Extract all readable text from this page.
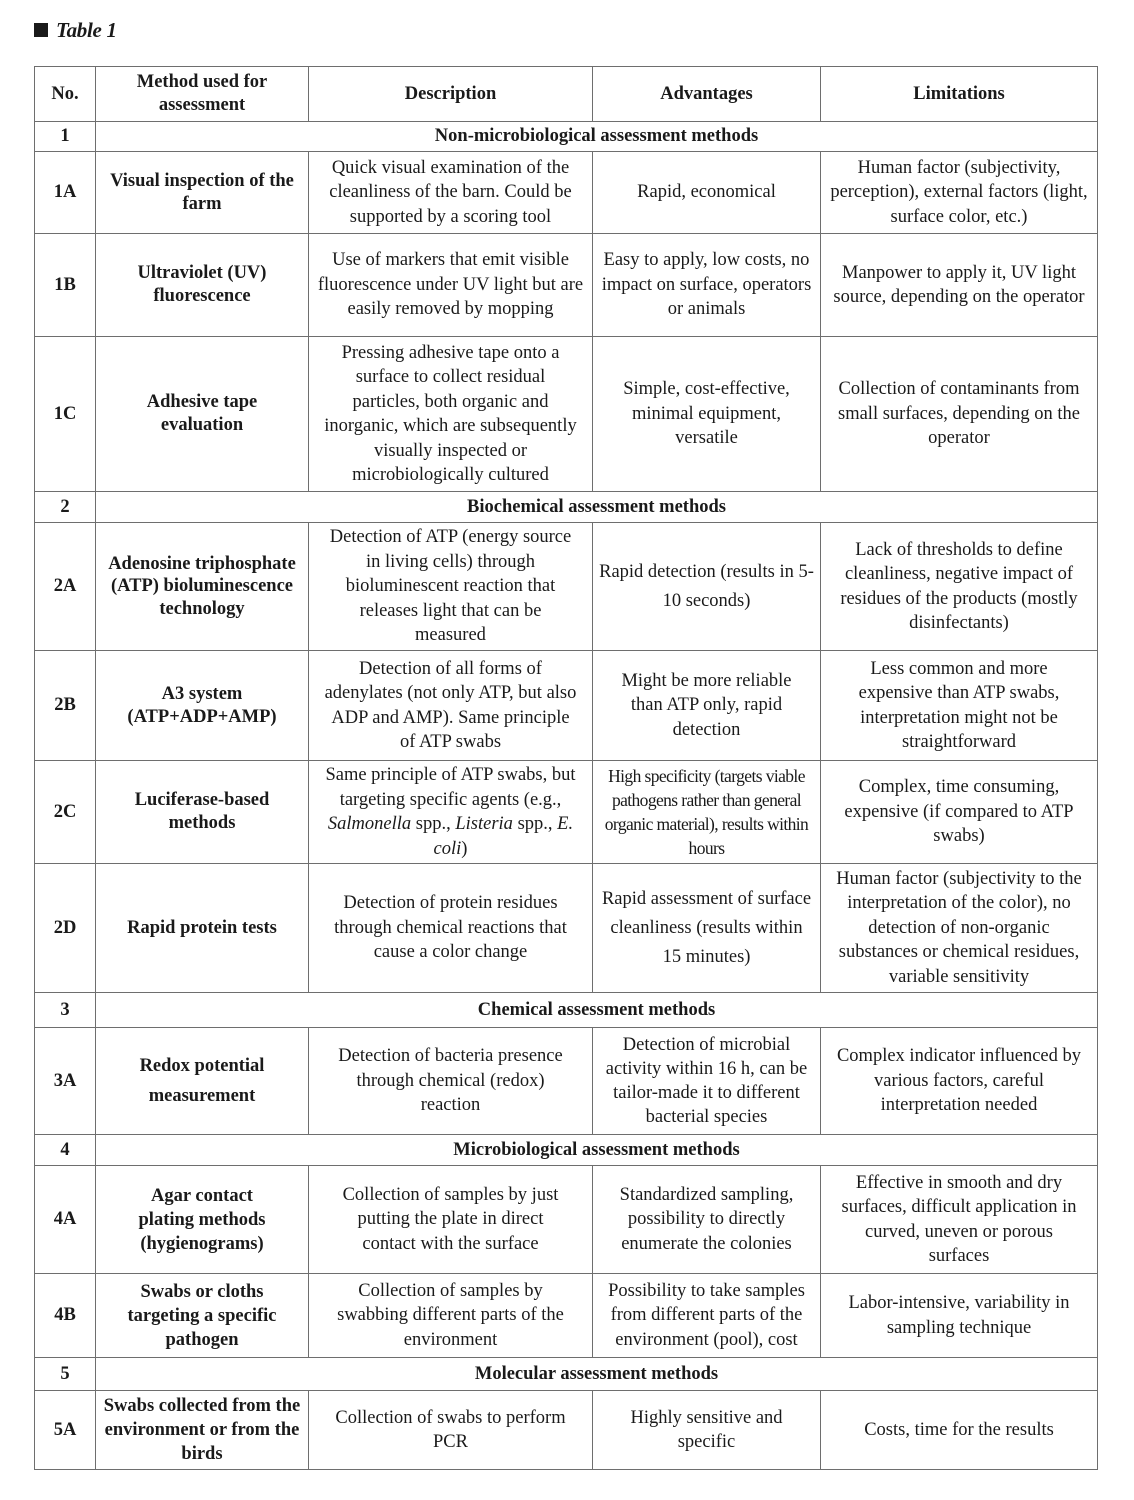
Table 1
No.	Method used for assessment	Description	Advantages	Limitations
1	Non-microbiological assessment methods			
1A	Visual inspection of the farm	Quick visual examination of the cleanliness of the barn. Could be supported by a scoring tool	Rapid, economical	Human factor (subjectivity, perception), external factors (light, surface color, etc.)
1B	Ultraviolet (UV) fluorescence	Use of markers that emit visible fluorescence under UV light but are easily removed by mopping	Easy to apply, low costs, no impact on surface, operators or animals	Manpower to apply it, UV light source, depending on the operator
1C	Adhesive tape evaluation	Pressing adhesive tape onto a surface to collect residual particles, both organic and inorganic, which are subsequently visually inspected or microbiologically cultured	Simple, cost-effective, minimal equipment, versatile	Collection of contaminants from small surfaces, depending on the operator
2	Biochemical assessment methods			
2A	Adenosine triphosphate (ATP) bioluminescence technology	Detection of ATP (energy source in living cells) through bioluminescent reaction that releases light that can be measured	Rapid detection (results in 5-10 seconds)	Lack of thresholds to define cleanliness, negative impact of residues of the products (mostly disinfectants)
2B	A3 system (ATP+ADP+AMP)	Detection of all forms of adenylates (not only ATP, but also ADP and AMP). Same principle of ATP swabs	Might be more reliable than ATP only, rapid detection	Less common and more expensive than ATP swabs, interpretation might not be straightforward
2C	Luciferase-based methods	Same principle of ATP swabs, but targeting specific agents (e.g., Salmonella spp., Listeria spp., E. coli)	High specificity (targets viable pathogens rather than general organic material), results within hours	Complex, time consuming, expensive (if compared to ATP swabs)
2D	Rapid protein tests	Detection of protein residues through chemical reactions that cause a color change	Rapid assessment of surface cleanliness (results within 15 minutes)	Human factor (subjectivity to the interpretation of the color), no detection of non-organic substances or chemical residues, variable sensitivity
3	Chemical assessment methods			
3A	Redox potential measurement	Detection of bacteria presence through chemical (redox) reaction	Detection of microbial activity within 16 h, can be tailor-made it to different bacterial species	Complex indicator influenced by various factors, careful interpretation needed
4	Microbiological assessment methods			
4A	Agar contact plating methods (hygienograms)	Collection of samples by just putting the plate in direct contact with the surface	Standardized sampling, possibility to directly enumerate the colonies	Effective in smooth and dry surfaces, difficult application in curved, uneven or porous surfaces
4B	Swabs or cloths targeting a specific pathogen	Collection of samples by swabbing different parts of the environment	Possibility to take samples from different parts of the environment (pool), cost	Labor-intensive, variability in sampling technique
5	Molecular assessment methods			
5A	Swabs collected from the environment or from the birds	Collection of swabs to perform PCR	Highly sensitive and specific	Costs, time for the results
